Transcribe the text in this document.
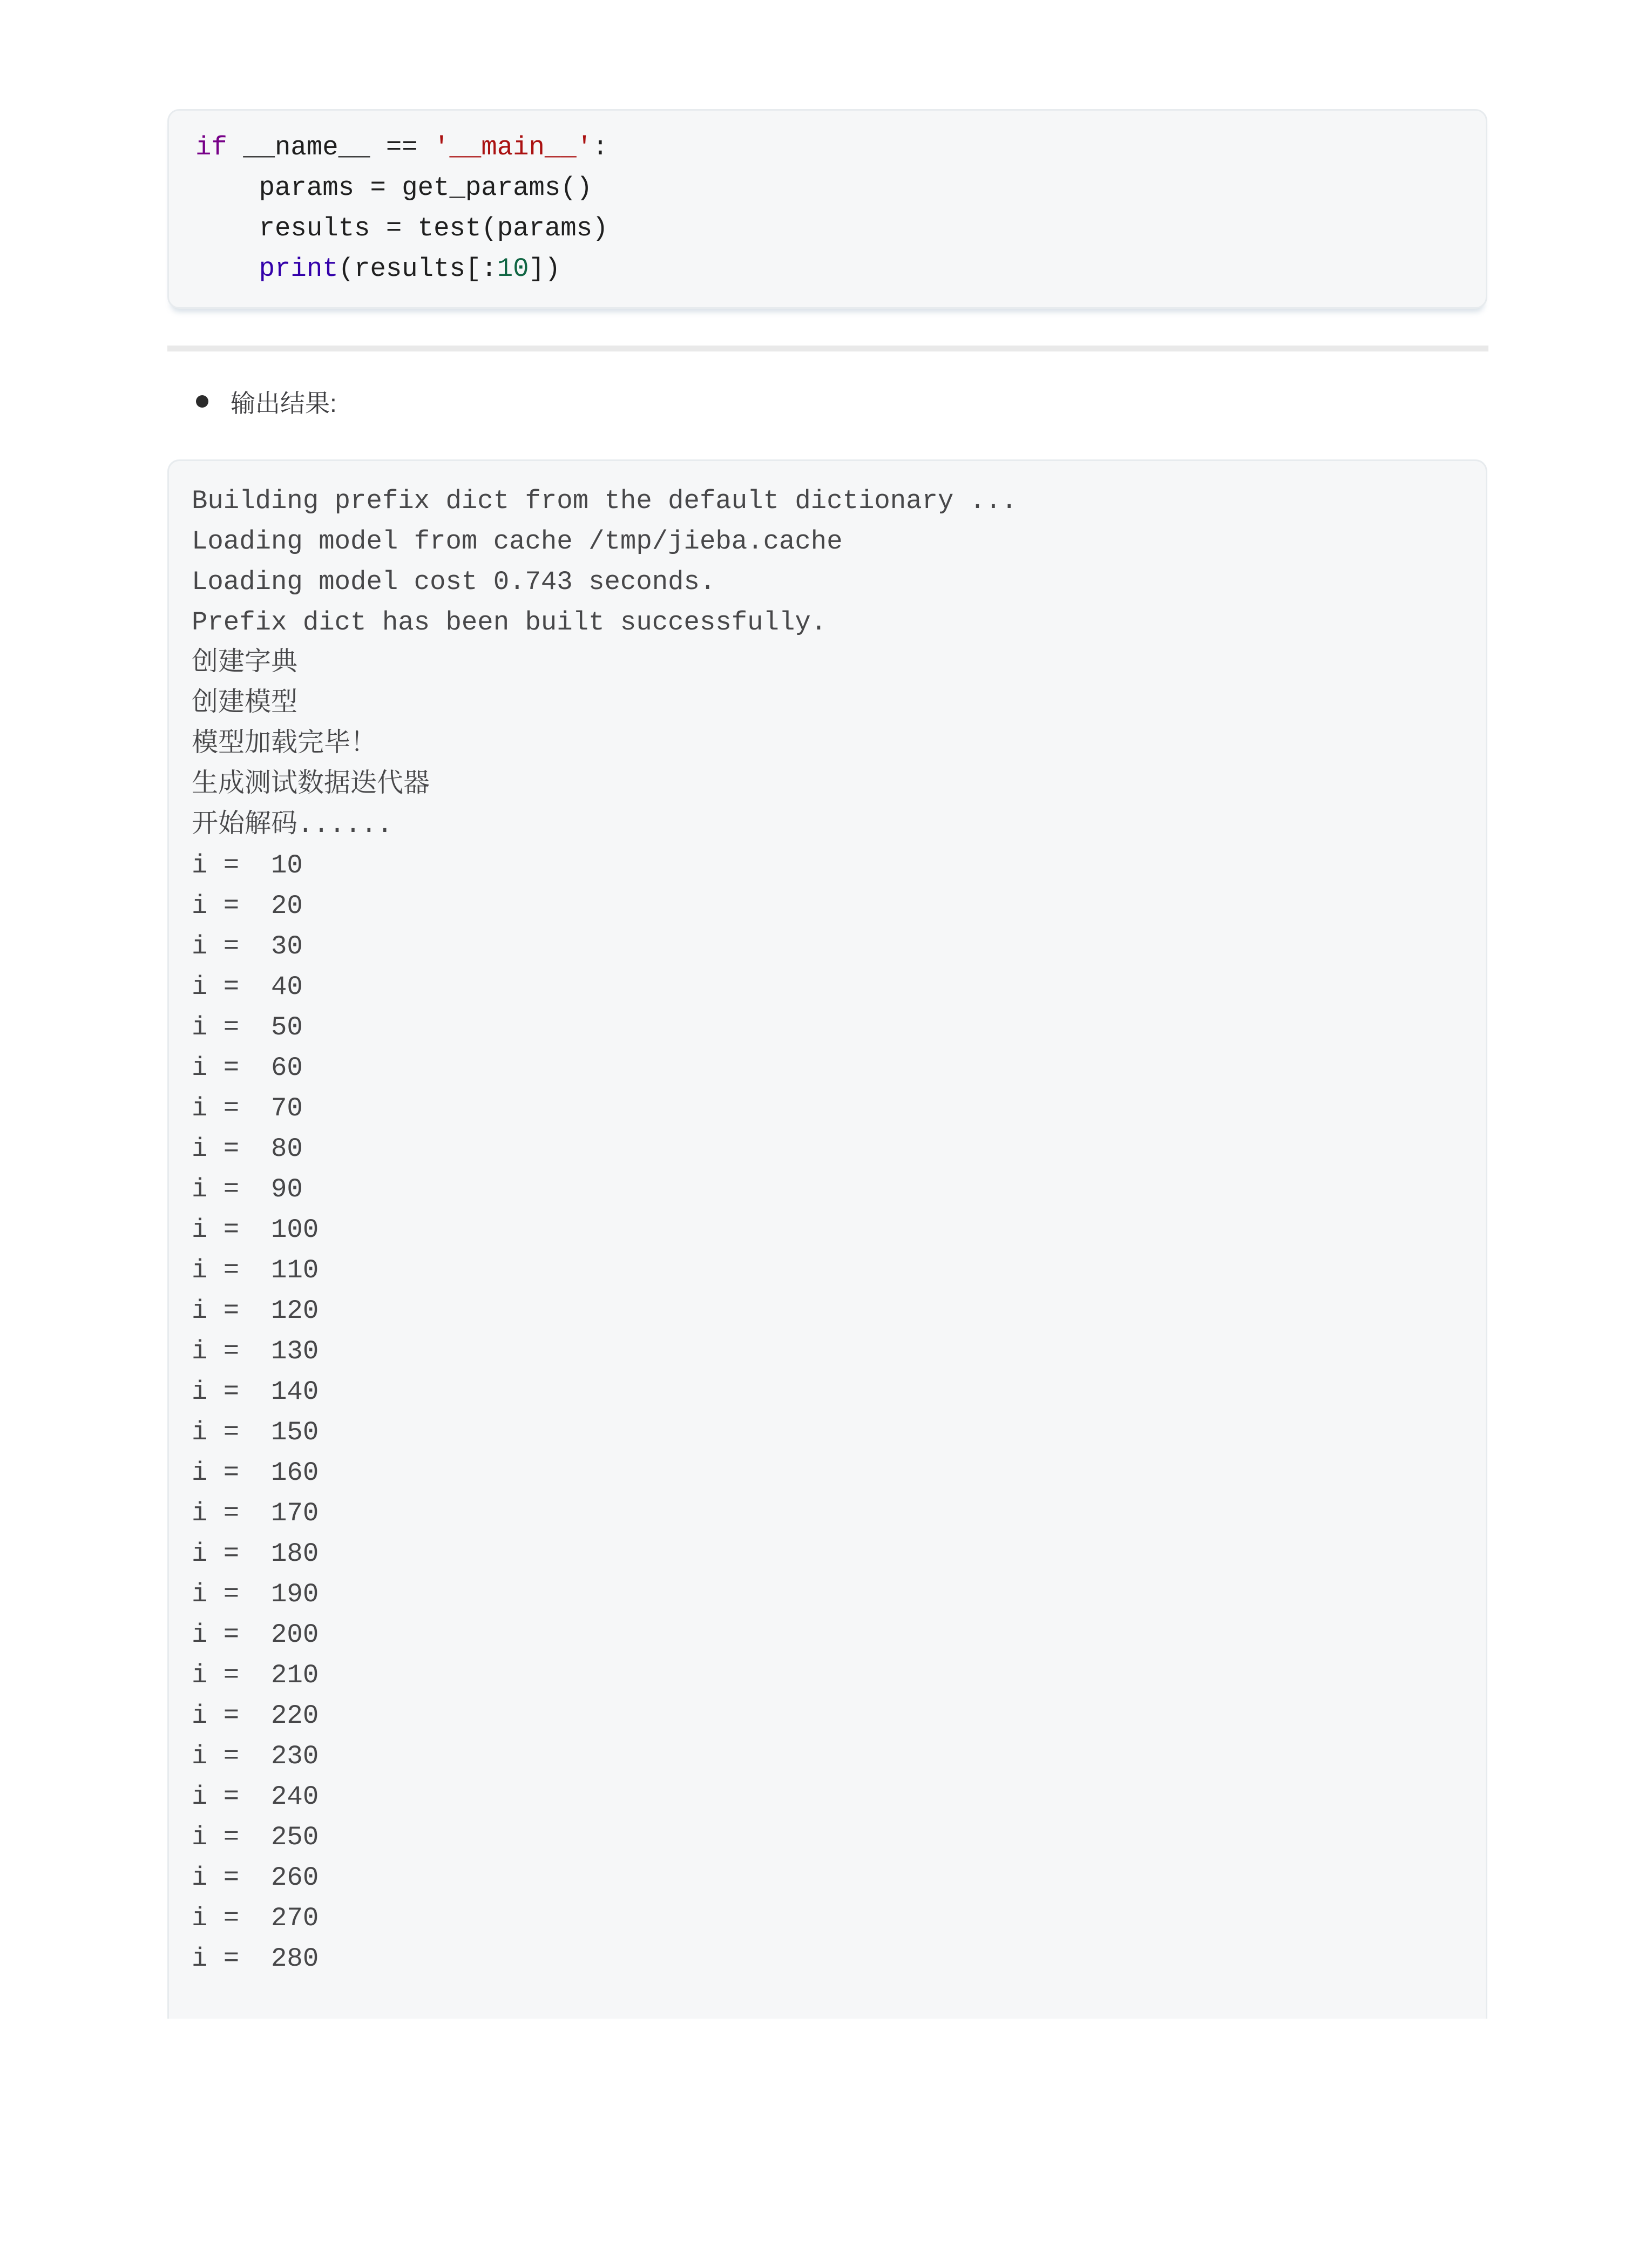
if __name__ == '__main__':
params = get_params()
results = test(params)
print(results[:10])
输出结果:
Building prefix dict from the default dictionary ...
Loading model from cache /tmp/jieba.cache
Loading model cost 0.743 seconds.
Prefix dict has been built successfully.
创建字典
创建模型
模型加载完毕！
生成测试数据迭代器
开始解码......
i =  10
i =  20
i =  30
i =  40
i =  50
i =  60
i =  70
i =  80
i =  90
i =  100
i =  110
i =  120
i =  130
i =  140
i =  150
i =  160
i =  170
i =  180
i =  190
i =  200
i =  210
i =  220
i =  230
i =  240
i =  250
i =  260
i =  270
i =  280
